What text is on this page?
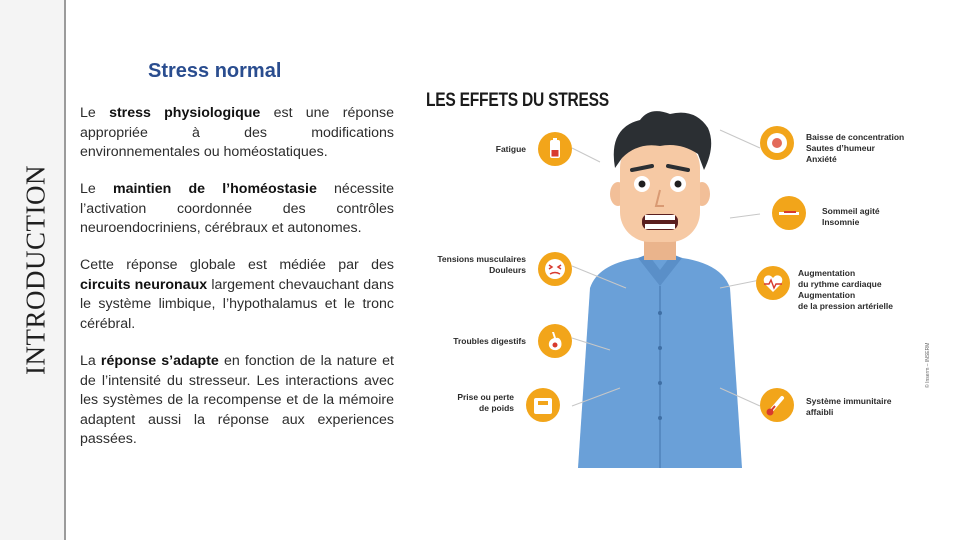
INTRODUCTION
Stress normal
Le stress physiologique est une réponse appropriée à des modifications environnementales ou homéostatiques.
Le maintien de l’homéostasie nécessite l’activation coordonnée des contrôles neuroendocriniens, cérébraux et autonomes.
Cette réponse globale est médiée par des circuits neuronaux largement chevauchant dans le système limbique, l’hypothalamus et le tronc cérébral.
La réponse s’adapte en fonction de la nature et de l’intensité du stresseur. Les interactions avec les systèmes de la recompense et de la mémoire adaptent aussi la réponse aux experiences passées.
LES EFFETS DU STRESS
Fatigue
Tensions musculaires
Douleurs
Troubles digestifs
Prise ou perte
de poids
Baisse de concentration
Sautes d’humeur
Anxiété
Sommeil agité
Insomnie
Augmentation
du rythme cardiaque
Augmentation
de la pression artérielle
Système immunitaire
affaibli
© Inserm – INSERM
